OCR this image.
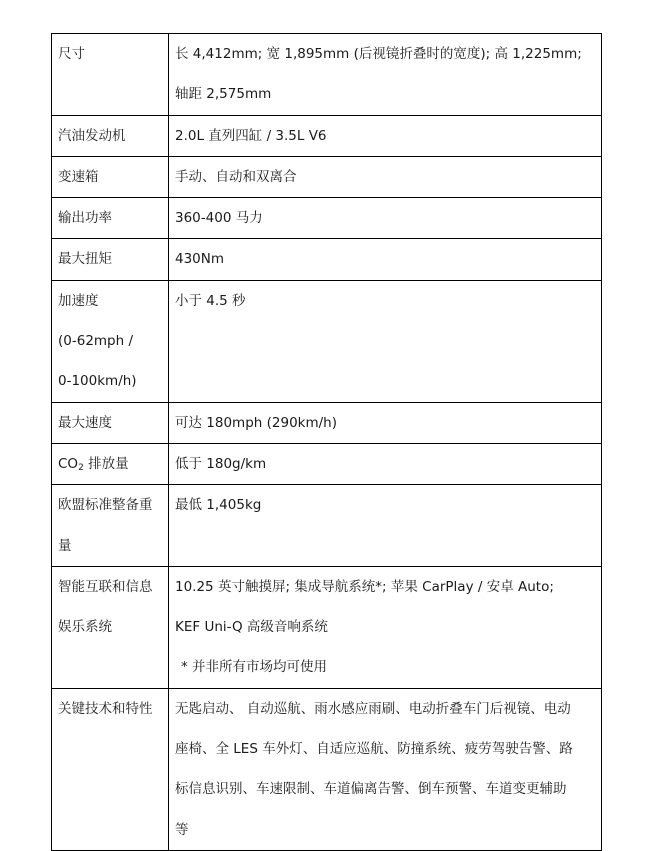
尺寸	长 4,412mm; 宽 1,895mm (后视镜折叠时的宽度); 高 1,225mm;
轴距 2,575mm

汽油发动机	2.0L 直列四缸 / 3.5L V6

变速箱	手动、自动和双离合

输出功率	360-400 马力

最大扭矩	430Nm

加速度
(0-62mph /
0-100km/h)	小于 4.5 秒

最大速度	可达 180mph (290km/h)

$CO_2$ 排放量	低于 180g/km

欧盟标准整备重
量	最低 1,405kg

智能互联和信息
娱乐系统	10.25 英寸触摸屏; 集成导航系统*; 苹果 CarPlay / 安卓 Auto;
KEF Uni-Q 高级音响系统
* 并非所有市场均可使用

关键技术和特性	无匙启动、 自动巡航、雨水感应雨刷、电动折叠车门后视镜、电动
座椅、全 LES 车外灯、自适应巡航、防撞系统、疲劳驾驶告警、路
标信息识别、车速限制、车道偏离告警、倒车预警、车道变更辅助
等
